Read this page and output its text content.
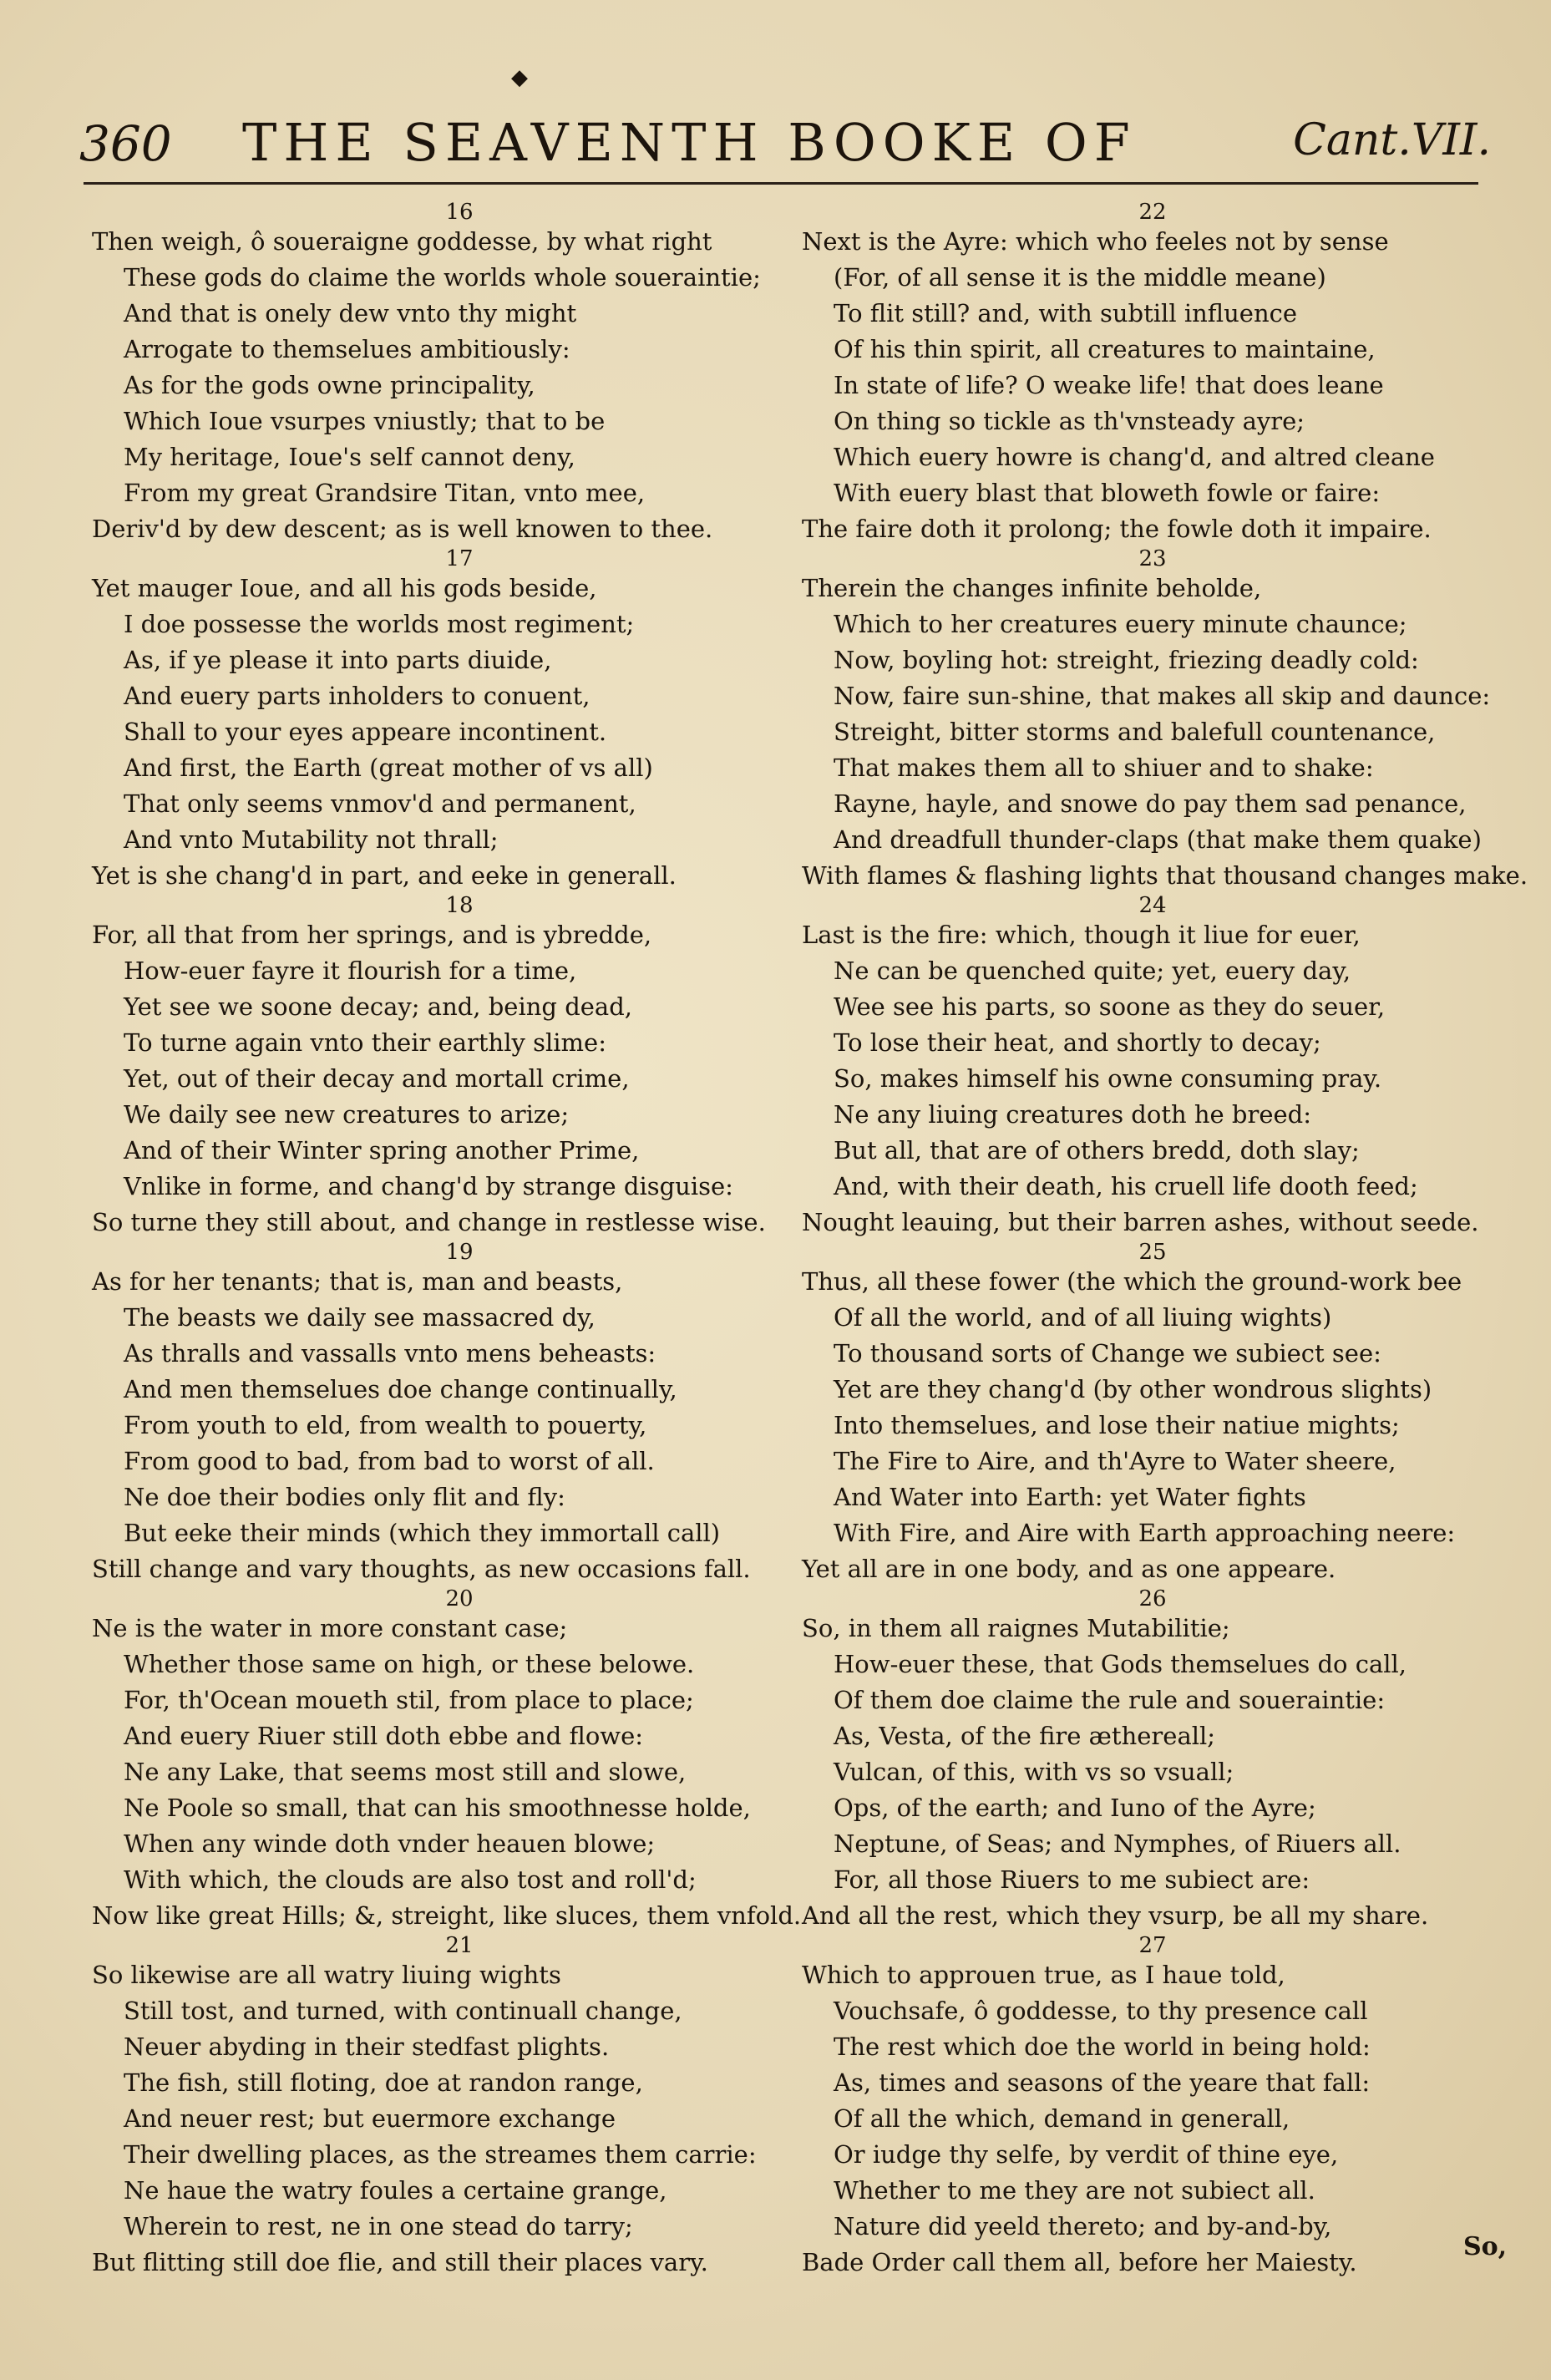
◆
360 THE SEAVENTH BOOKE OF	Cant.VII.
16
Then weigh, ô soueraigne goddesse, by what right
These gods do claime the worlds whole soueraintie;
And that is onely dew vnto thy might
Arrogate to themselues ambitiously:
As for the gods owne principality,
Which Ioue vsurpes vniustly; that to be
My heritage, Ioue's self cannot deny,
From my great Grandsire Titan, vnto mee,
Deriv'd by dew descent; as is well knowen to thee.
17
Yet mauger Ioue, and all his gods beside,
I doe possesse the worlds most regiment;
As, if ye please it into parts diuide,
And euery parts inholders to conuent,
Shall to your eyes appeare incontinent.
And first, the Earth (great mother of vs all)
That only seems vnmov'd and permanent,
And vnto Mutability not thrall;
Yet is she chang'd in part, and eeke in generall.
18
For, all that from her springs, and is ybredde,
How-euer fayre it flourish for a time,
Yet see we soone decay; and, being dead,
To turne again vnto their earthly slime:
Yet, out of their decay and mortall crime,
We daily see new creatures to arize;
And of their Winter spring another Prime,
Vnlike in forme, and chang'd by strange disguise:
So turne they still about, and change in restlesse wise.
19
As for her tenants; that is, man and beasts,
The beasts we daily see massacred dy,
As thralls and vassalls vnto mens beheasts:
And men themselues doe change continually,
From youth to eld, from wealth to pouerty,
From good to bad, from bad to worst of all.
Ne doe their bodies only flit and fly:
But eeke their minds (which they immortall call)
Still change and vary thoughts, as new occasions fall.
20
Ne is the water in more constant case;
Whether those same on high, or these belowe.
For, th'Ocean moueth stil, from place to place;
And euery Riuer still doth ebbe and flowe:
Ne any Lake, that seems most still and slowe,
Ne Poole so small, that can his smoothnesse holde,
When any winde doth vnder heauen blowe;
With which, the clouds are also tost and roll'd;
Now like great Hills; &, streight, like sluces, them vnfold.
21
So likewise are all watry liuing wights
Still tost, and turned, with continuall change,
Neuer abyding in their stedfast plights.
The fish, still floting, doe at randon range,
And neuer rest; but euermore exchange
Their dwelling places, as the streames them carrie:
Ne haue the watry foules a certaine grange,
Wherein to rest, ne in one stead do tarry;
But flitting still doe flie, and still their places vary.
22
Next is the Ayre: which who feeles not by sense
(For, of all sense it is the middle meane)
To flit still? and, with subtill influence
Of his thin spirit, all creatures to maintaine,
In state of life? O weake life! that does leane
On thing so tickle as th'vnsteady ayre;
Which euery howre is chang'd, and altred cleane
With euery blast that bloweth fowle or faire:
The faire doth it prolong; the fowle doth it impaire.
23
Therein the changes infinite beholde,
Which to her creatures euery minute chaunce;
Now, boyling hot: streight, friezing deadly cold:
Now, faire sun-shine, that makes all skip and daunce:
Streight, bitter storms and balefull countenance,
That makes them all to shiuer and to shake:
Rayne, hayle, and snowe do pay them sad penance,
And dreadfull thunder-claps (that make them quake)
With flames & flashing lights that thousand changes make.
24
Last is the fire: which, though it liue for euer,
Ne can be quenched quite; yet, euery day,
Wee see his parts, so soone as they do seuer,
To lose their heat, and shortly to decay;
So, makes himself his owne consuming pray.
Ne any liuing creatures doth he breed:
But all, that are of others bredd, doth slay;
And, with their death, his cruell life dooth feed;
Nought leauing, but their barren ashes, without seede.
25
Thus, all these fower (the which the ground-work bee
Of all the world, and of all liuing wights)
To thousand sorts of Change we subiect see:
Yet are they chang'd (by other wondrous slights)
Into themselues, and lose their natiue mights;
The Fire to Aire, and th'Ayre to Water sheere,
And Water into Earth: yet Water fights
With Fire, and Aire with Earth approaching neere:
Yet all are in one body, and as one appeare.
26
So, in them all raignes Mutabilitie;
How-euer these, that Gods themselues do call,
Of them doe claime the rule and soueraintie:
As, Vesta, of the fire æthereall;
Vulcan, of this, with vs so vsuall;
Ops, of the earth; and Iuno of the Ayre;
Neptune, of Seas; and Nymphes, of Riuers all.
For, all those Riuers to me subiect are:
And all the rest, which they vsurp, be all my share.
27
Which to approuen true, as I haue told,
Vouchsafe, ô goddesse, to thy presence call
The rest which doe the world in being hold:
As, times and seasons of the yeare that fall:
Of all the which, demand in generall,
Or iudge thy selfe, by verdit of thine eye,
Whether to me they are not subiect all.
Nature did yeeld thereto; and by-and-by,
Bade Order call them all, before her Maiesty.
So,
